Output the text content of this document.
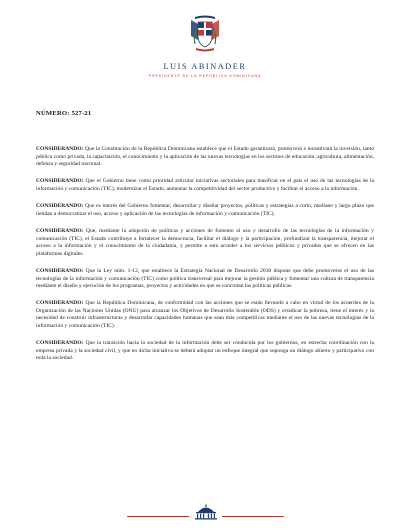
LUIS ABINADER
PRESIDENTE DE LA REPÚBLICA DOMINICANA
NÚMERO: 527-21

CONSIDERANDO: Que la Constitución de la República Dominicana establece que el Estado garantizará, promoverá e incentivará la inversión, tanto pública como privada, la capacitación, el conocimiento y la aplicación de las nuevas tecnologías en los sectores de educación, agricultura, alimentación, defensa y seguridad nacional.

CONSIDERANDO: Que el Gobierno tiene como prioridad articular iniciativas sectoriales para masificar en el país el uso de las tecnologías de la información y comunicación (TIC), modernizar el Estado, aumentar la competitividad del sector productivo y facilitar el acceso a la información.

CONSIDERANDO: Que es interés del Gobierno fomentar, desarrollar y diseñar proyectos, políticas y estrategias a corto, mediano y largo plazo que tiendan a democratizar el uso, acceso y aplicación de las tecnologías de información y comunicación (TIC).

CONSIDERANDO: Que, mediante la adopción de políticas y acciones de fomento al uso y desarrollo de las tecnologías de la información y comunicación (TIC), el Estado contribuye a fortalecer la democracia, facilitar el diálogo y la participación, profundizar la transparencia, mejorar el acceso a la información y el conocimiento de la ciudadanía, y permite a esta acceder a los servicios públicos y privados que se ofrecen en las plataformas digitales.

CONSIDERANDO: Que la Ley núm. 1-12, que establece la Estrategia Nacional de Desarrollo 2030 dispone que debe promoverse el uso de las tecnologías de la información y comunicación (TIC) como política transversal para mejorar la gestión pública y fomentar una cultura de transparencia mediante el diseño y ejecución de los programas, proyectos y actividades en que se concretan las políticas públicas.

CONSIDERANDO: Que la República Dominicana, de conformidad con las acciones que se están llevando a cabo en virtud de los acuerdos de la Organización de las Naciones Unidas (ONU) para alcanzar los Objetivos de Desarrollo Sostenible (ODS) y erradicar la pobreza, tiene el interés y la necesidad de construir infraestructuras y desarrollar capacidades humanas que sean más competitivas mediante el uso de las nuevas tecnologías de la información y comunicación (TIC).

CONSIDERANDO: Que la transición hacia la sociedad de la información debe ser conducida por los gobiernos, en estrecha coordinación con la empresa privada y la sociedad civil, y que en dicha iniciativa se deberá adoptar un enfoque integral que suponga un diálogo abierto y participativo con toda la sociedad.
